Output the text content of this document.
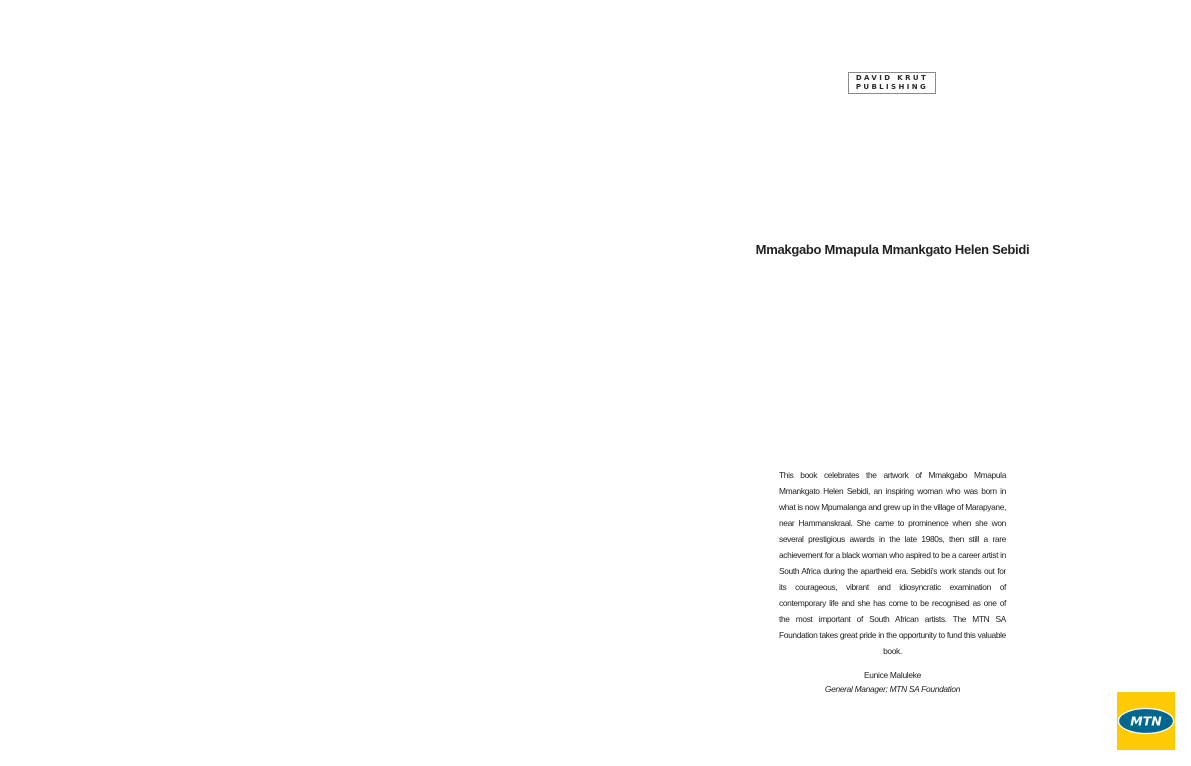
DAVID KRUT
PUBLISHING
Mmakgabo Mmapula Mmankgato Helen Sebidi

This book celebrates the artwork of Mmakgabo Mmapula Mmankgato Helen Sebidi, an inspiring woman who was born in what is now Mpumalanga and grew up in the village of Marapyane, near Hammanskraal. She came to prominence when she won several prestigious awards in the late 1980s, then still a rare achievement for a black woman who aspired to be a career artist in South Africa during the apartheid era. Sebidi’s work stands out for its courageous, vibrant and idiosyncratic examination of contemporary life and she has come to be recognised as one of the most important of South African artists. The MTN SA Foundation takes great pride in the opportunity to fund this valuable book.

Eunice Maluleke
General Manager: MTN SA Foundation
MTN
